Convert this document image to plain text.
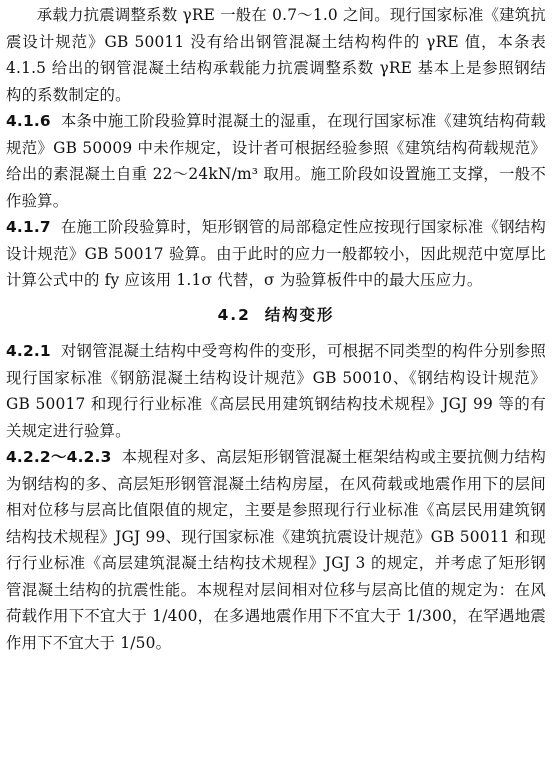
承载力抗震调整系数 γRE 一般在 0.7～1.0 之间。现行国家标准《建筑抗震设计规范》GB 50011 没有给出钢管混凝土结构构件的 γRE 值，本条表 4.1.5 给出的钢管混凝土结构承载能力抗震调整系数 γRE 基本上是参照钢结构的系数制定的。

4.1.6 本条中施工阶段验算时混凝土的湿重，在现行国家标准《建筑结构荷载规范》GB 50009 中未作规定，设计者可根据经验参照《建筑结构荷载规范》给出的素混凝土自重 22～24kN/m³ 取用。施工阶段如设置施工支撑，一般不作验算。

4.1.7 在施工阶段验算时，矩形钢管的局部稳定性应按现行国家标准《钢结构设计规范》GB 50017 验算。由于此时的应力一般都较小，因此规范中宽厚比计算公式中的 fy 应该用 1.1σ 代替，σ 为验算板件中的最大压应力。

4.2 结构变形

4.2.1 对钢管混凝土结构中受弯构件的变形，可根据不同类型的构件分别参照现行国家标准《钢筋混凝土结构设计规范》GB 50010、《钢结构设计规范》GB 50017 和现行行业标准《高层民用建筑钢结构技术规程》JGJ 99 等的有关规定进行验算。

4.2.2～4.2.3 本规程对多、高层矩形钢管混凝土框架结构或主要抗侧力结构为钢结构的多、高层矩形钢管混凝土结构房屋，在风荷载或地震作用下的层间相对位移与层高比值限值的规定，主要是参照现行行业标准《高层民用建筑钢结构技术规程》JGJ 99、现行国家标准《建筑抗震设计规范》GB 50011 和现行行业标准《高层建筑混凝土结构技术规程》JGJ 3 的规定，并考虑了矩形钢管混凝土结构的抗震性能。本规程对层间相对位移与层高比值的规定为：在风荷载作用下不宜大于 1/400，在多遇地震作用下不宜大于 1/300，在罕遇地震作用下不宜大于 1/50。
